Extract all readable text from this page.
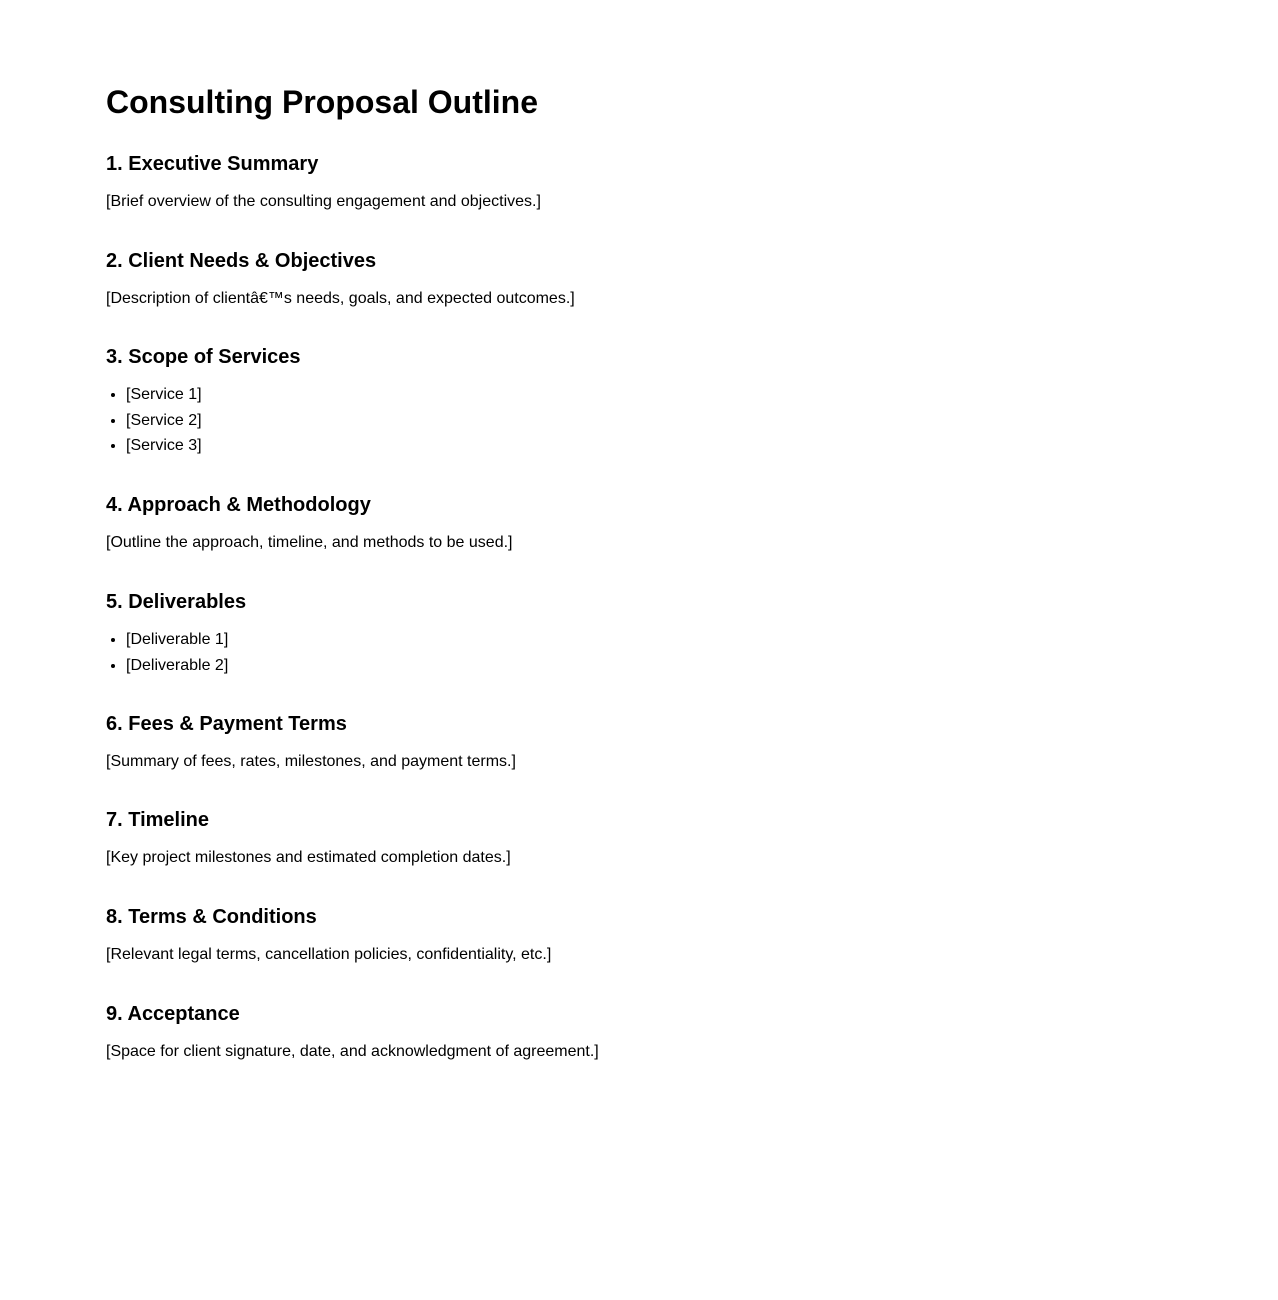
Consulting Proposal Outline
1. Executive Summary

[Brief overview of the consulting engagement and objectives.]

2. Client Needs & Objectives

[Description of clientâ€™s needs, goals, and expected outcomes.]

3. Scope of Services
• [Service 1]
• [Service 2]
• [Service 3]
4. Approach & Methodology

[Outline the approach, timeline, and methods to be used.]

5. Deliverables
• [Deliverable 1]
• [Deliverable 2]
6. Fees & Payment Terms

[Summary of fees, rates, milestones, and payment terms.]

7. Timeline

[Key project milestones and estimated completion dates.]

8. Terms & Conditions

[Relevant legal terms, cancellation policies, confidentiality, etc.]

9. Acceptance

[Space for client signature, date, and acknowledgment of agreement.]
